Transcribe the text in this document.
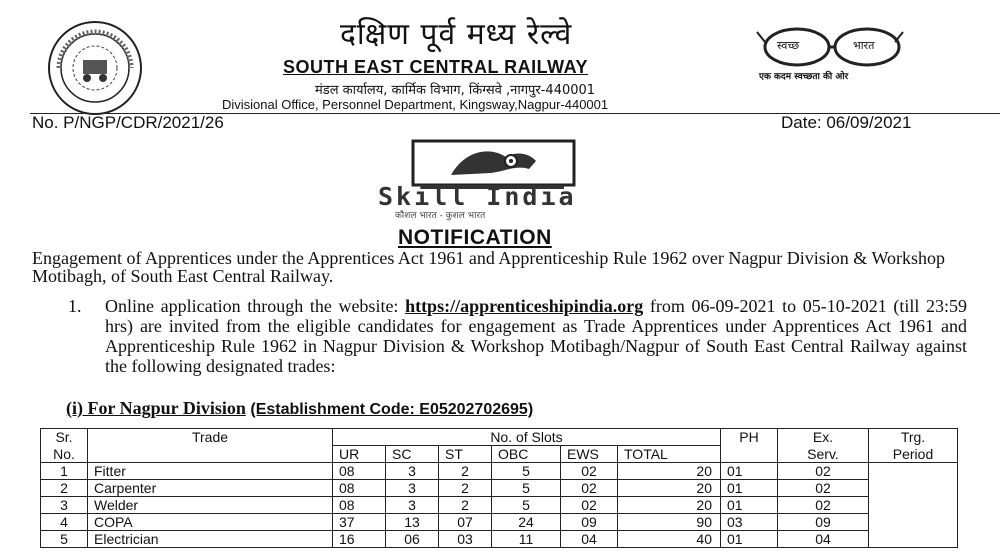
दक्षिण पूर्व मध्य रेल्वे
SOUTH EAST CENTRAL RAILWAY
मंडल कार्यालय, कार्मिक विभाग, किंग्सवे ,नागपुर-440001
Divisional Office, Personnel Department, Kingsway,Nagpur-440001
स्वच्छ	भारत
एक कदम स्वच्छता की ओर
No. P/NGP/CDR/2021/26	Date: 06/09/2021
Skill India
कौशल भारत - कुशल भारत
NOTIFICATION
Engagement of Apprentices under the Apprentices Act 1961 and Apprenticeship Rule 1962 over Nagpur Division & Workshop Motibagh, of South East Central Railway.
1. Online application through the website: https://apprenticeshipindia.org from 06-09-2021 to 05-10-2021 (till 23:59 hrs) are invited from the eligible candidates for engagement as Trade Apprentices under Apprentices Act 1961 and Apprenticeship Rule 1962 in Nagpur Division & Workshop Motibagh/Nagpur of South East Central Railway against the following designated trades:
(i) For Nagpur Division (Establishment Code: E05202702695)
Sr.	Trade	No. of Slots						PH	Ex.	Trg.
No.		UR	SC	ST	OBC	EWS	TOTAL		Serv.	Period
1	Fitter	08	3	2	5	02	20	01	02	
2	Carpenter	08	3	2	5	02	20	01	02	
3	Welder	08	3	2	5	02	20	01	02	
4	COPA	37	13	07	24	09	90	03	09	
5	Electrician	16	06	03	11	04	40	01	04	
